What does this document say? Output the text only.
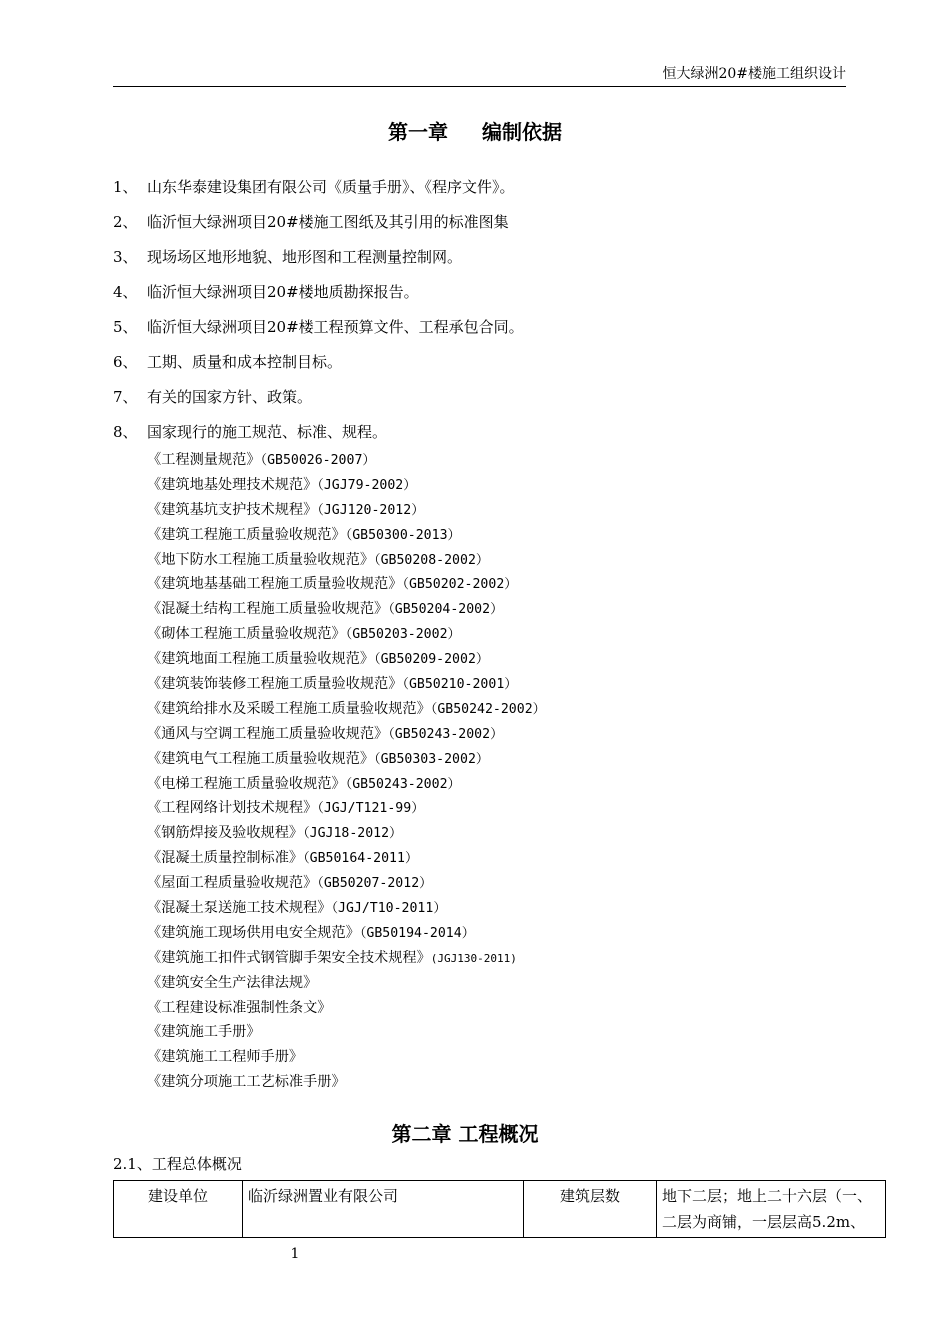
恒大绿洲20#楼施工组织设计
第一章 编制依据
1、 山东华泰建设集团有限公司《质量手册》、《程序文件》。
2、 临沂恒大绿洲项目20#楼施工图纸及其引用的标准图集
3、 现场场区地形地貌、地形图和工程测量控制网。
4、 临沂恒大绿洲项目20#楼地质勘探报告。
5、 临沂恒大绿洲项目20#楼工程预算文件、工程承包合同。
6、 工期、质量和成本控制目标。
7、 有关的国家方针、政策。
8、 国家现行的施工规范、标准、规程。
《工程测量规范》（GB50026-2007）
《建筑地基处理技术规范》（JGJ79-2002）
《建筑基坑支护技术规程》（JGJ120-2012）
《建筑工程施工质量验收规范》（GB50300-2013）
《地下防水工程施工质量验收规范》（GB50208-2002）
《建筑地基基础工程施工质量验收规范》（GB50202-2002）
《混凝土结构工程施工质量验收规范》（GB50204-2002）
《砌体工程施工质量验收规范》（GB50203-2002）
《建筑地面工程施工质量验收规范》（GB50209-2002）
《建筑装饰装修工程施工质量验收规范》（GB50210-2001）
《建筑给排水及采暖工程施工质量验收规范》（GB50242-2002）
《通风与空调工程施工质量验收规范》（GB50243-2002）
《建筑电气工程施工质量验收规范》（GB50303-2002）
《电梯工程施工质量验收规范》（GB50243-2002）
《工程网络计划技术规程》（JGJ/T121-99）
《钢筋焊接及验收规程》（JGJ18-2012）
《混凝土质量控制标准》（GB50164-2011）
《屋面工程质量验收规范》（GB50207-2012）
《混凝土泵送施工技术规程》（JGJ/T10-2011）
《建筑施工现场供用电安全规范》（GB50194-2014）
《建筑施工扣件式钢管脚手架安全技术规程》(JGJ130-2011)
《建筑安全生产法律法规》
《工程建设标准强制性条文》
《建筑施工手册》
《建筑施工工程师手册》
《建筑分项施工工艺标准手册》
第二章 工程概况
2.1、工程总体概况
建设单位	临沂绿洲置业有限公司	建筑层数	地下二层；地上二十六层（一、二层为商铺，一层层高5.2m、
1
